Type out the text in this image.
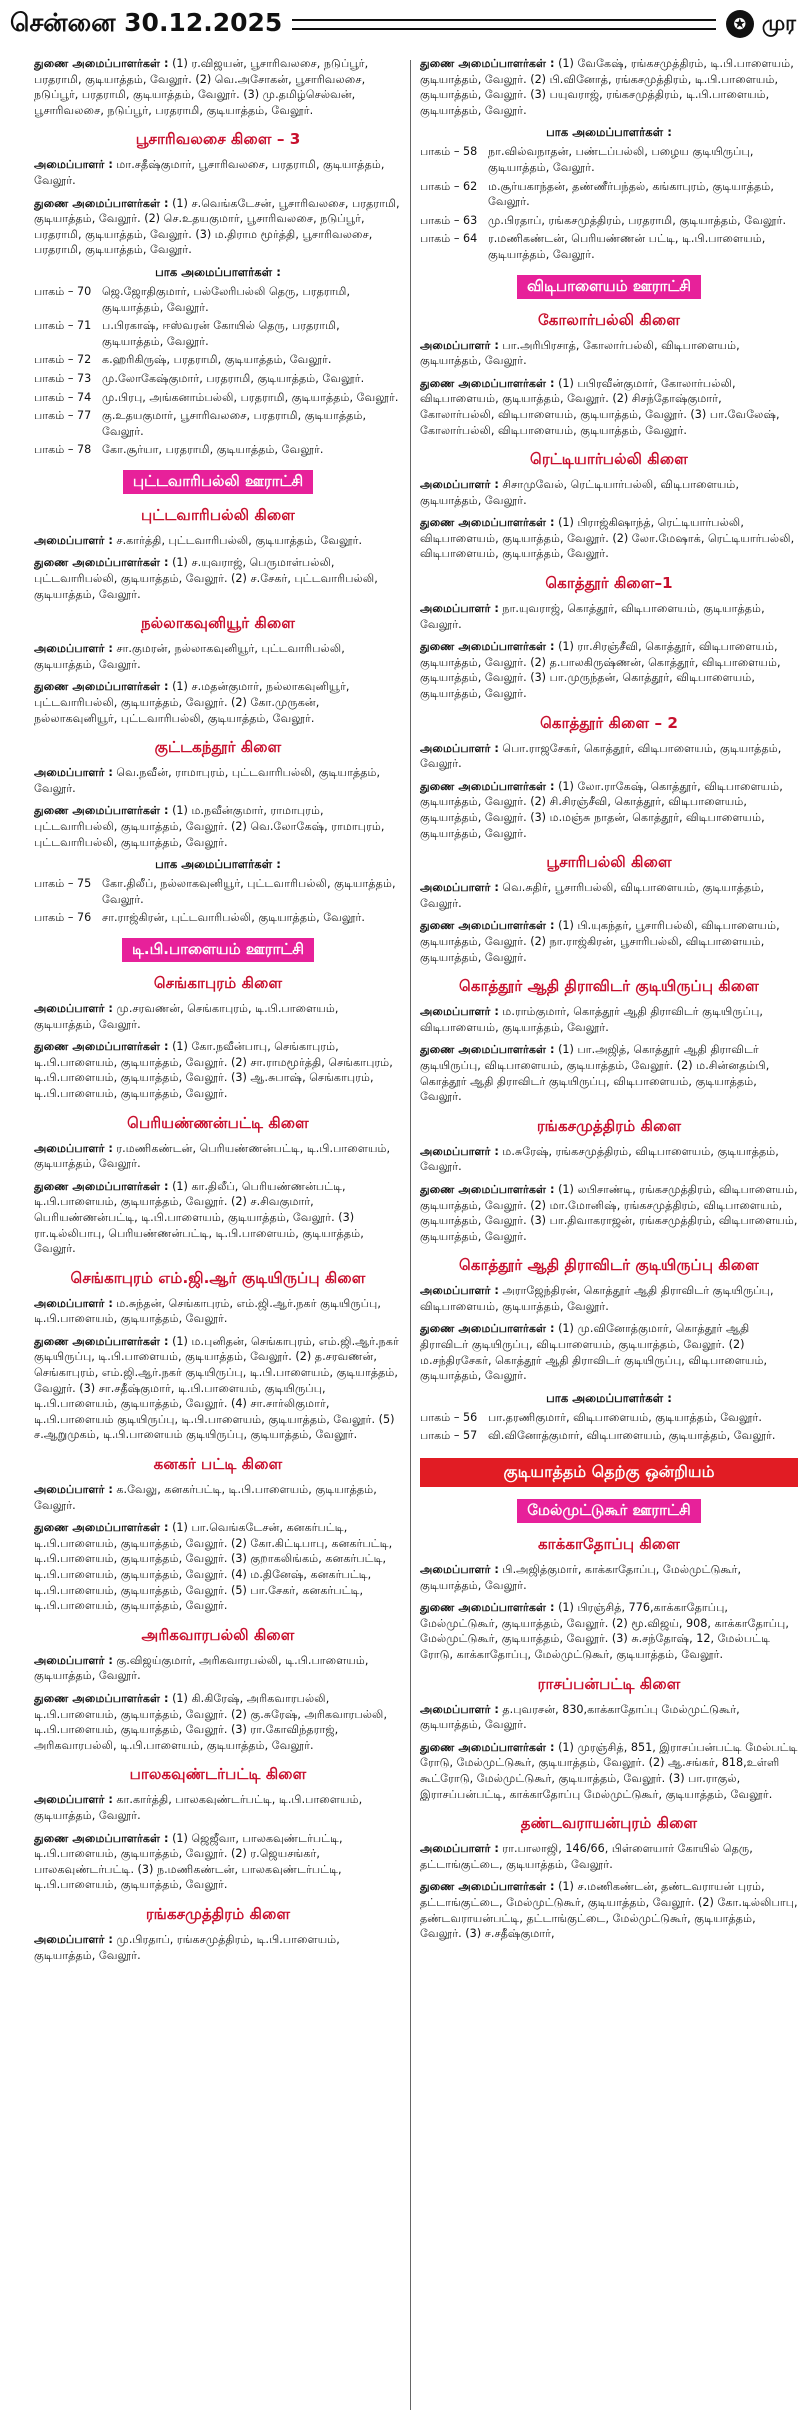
சென்னை 30.12.2025	✪ முர

துணை அமைப்பாளர்கள் : (1) ர.விஜயன், பூசாரிவலசை, நடுப்பூர், பரதராமி, குடியாத்தம், வேலூர். (2) வெ.அசோகன், பூசாரிவலசை, நடுப்பூர், பரதராமி, குடியாத்தம், வேலூர். (3) மு.தமிழ்செல்வன், பூசாரிவலசை, நடுப்பூர், பரதராமி, குடியாத்தம், வேலூர்.

பூசாரிவலசை கிளை – 3

அமைப்பாளர் : மா.சதீஷ்குமார், பூசாரிவலசை, பரதராமி, குடியாத்தம், வேலூர்.

துணை அமைப்பாளர்கள் : (1) ச.வெங்கடேசன், பூசாரிவலசை, பரதராமி, குடியாத்தம், வேலூர். (2) செ.உதயகுமார், பூசாரிவலசை, நடுப்பூர், பரதராமி, குடியாத்தம், வேலூர். (3) ம.திராம மூர்த்தி, பூசாரிவலசை, பரதராமி, குடியாத்தம், வேலூர்.

பாக அமைப்பாளர்கள் :
பாகம் – 70 ஜெ.ஜோதிகுமார், பல்லேரிபல்லி தெரு, பரதராமி, குடியாத்தம், வேலூர்.
பாகம் – 71 ப.பிரகாஷ், ஈஸ்வரன் கோயில் தெரு, பரதராமி, குடியாத்தம், வேலூர்.
பாகம் – 72 க.ஹரிகிருஷ், பரதராமி, குடியாத்தம், வேலூர்.
பாகம் – 73 மு.லோகேஷ்குமார், பரதராமி, குடியாத்தம், வேலூர்.
பாகம் – 74 மு.பிரபு, அங்கனாம்பல்லி, பரதராமி, குடியாத்தம், வேலூர்.
பாகம் – 77 கு.உதயகுமார், பூசாரிவலசை, பரதராமி, குடியாத்தம், வேலூர்.
பாகம் – 78 கோ.சூர்யா, பரதராமி, குடியாத்தம், வேலூர்.
புட்டவாரிபல்லி ஊராட்சி
புட்டவாரிபல்லி கிளை

அமைப்பாளர் : ச.கார்த்தி, புட்டவாரிபல்லி, குடியாத்தம், வேலூர்.

துணை அமைப்பாளர்கள் : (1) ச.யுவராஜ், பெருமாள்பல்லி, புட்டவாரிபல்லி, குடியாத்தம், வேலூர். (2) ச.சேகர், புட்டவாரிபல்லி, குடியாத்தம், வேலூர்.

நல்லாகவுனியூர் கிளை

அமைப்பாளர் : சா.குமரன், நல்லாகவுனியூர், புட்டவாரிபல்லி, குடியாத்தம், வேலூர்.

துணை அமைப்பாளர்கள் : (1) ச.மதன்குமார், நல்லாகவுனியூர், புட்டவாரிபல்லி, குடியாத்தம், வேலூர். (2) கோ.முருகன், நல்லாகவுனியூர், புட்டவாரிபல்லி, குடியாத்தம், வேலூர்.

குட்டகந்தூர் கிளை

அமைப்பாளர் : வெ.நவீன், ராமாபுரம், புட்டவாரிபல்லி, குடியாத்தம், வேலூர்.

துணை அமைப்பாளர்கள் : (1) ம.நவீன்குமார், ராமாபுரம், புட்டவாரிபல்லி, குடியாத்தம், வேலூர். (2) வெ.லோகேஷ், ராமாபுரம், புட்டவாரிபல்லி, குடியாத்தம், வேலூர்.

பாக அமைப்பாளர்கள் :
பாகம் – 75 கோ.திலீப், நல்லாகவுனியூர், புட்டவாரிபல்லி, குடியாத்தம், வேலூர்.
பாகம் – 76 சா.ராஜ்கிரன், புட்டவாரிபல்லி, குடியாத்தம், வேலூர்.
டி.பி.பாளையம் ஊராட்சி
செங்காபுரம் கிளை

அமைப்பாளர் : மு.சரவணன், செங்காபுரம், டி.பி.பாளையம், குடியாத்தம், வேலூர்.

துணை அமைப்பாளர்கள் : (1) கோ.நவீன்பாபு, செங்காபுரம், டி.பி.பாளையம், குடியாத்தம், வேலூர். (2) சா.ராமமூர்த்தி, செங்காபுரம், டி.பி.பாளையம், குடியாத்தம், வேலூர். (3) ஆ.சுபாஷ், செங்காபுரம், டி.பி.பாளையம், குடியாத்தம், வேலூர்.

பெரியண்ணன்பட்டி கிளை

அமைப்பாளர் : ர.மணிகண்டன், பெரியண்ணன்பட்டி, டி.பி.பாளையம், குடியாத்தம், வேலூர்.

துணை அமைப்பாளர்கள் : (1) கா.திலீப், பெரியண்ணன்பட்டி, டி.பி.பாளையம், குடியாத்தம், வேலூர். (2) ச.சிவகுமார், பெரியண்ணன்பட்டி, டி.பி.பாளையம், குடியாத்தம், வேலூர். (3) ரா.டில்லிபாபு, பெரியண்ணன்பட்டி, டி.பி.பாளையம், குடியாத்தம், வேலூர்.

செங்காபுரம் எம்.ஜி.ஆர் குடியிருப்பு கிளை

அமைப்பாளர் : ம.சுந்தன், செங்காபுரம், எம்.ஜி.ஆர்.நகர் குடியிருப்பு, டி.பி.பாளையம், குடியாத்தம், வேலூர்.

துணை அமைப்பாளர்கள் : (1) ம.புனிதன், செங்காபுரம், எம்.ஜி.ஆர்.நகர் குடியிருப்பு, டி.பி.பாளையம், குடியாத்தம், வேலூர். (2) த.சரவணன், செங்காபுரம், எம்.ஜி.ஆர்.நகர் குடியிருப்பு, டி.பி.பாளையம், குடியாத்தம், வேலூர். (3) சா.சதீஷ்குமார், டி.பி.பாளையம், குடியிருப்பு, டி.பி.பாளையம், குடியாத்தம், வேலூர். (4) சா.சார்லிகுமார், டி.பி.பாளையம் குடியிருப்பு, டி.பி.பாளையம், குடியாத்தம், வேலூர். (5) ச.ஆறுமுகம், டி.பி.பாளையம் குடியிருப்பு, குடியாத்தம், வேலூர்.

கனகர் பட்டி கிளை

அமைப்பாளர் : க.வேலு, கனகர்பட்டி, டி.பி.பாளையம், குடியாத்தம், வேலூர்.

துணை அமைப்பாளர்கள் : (1) பா.வெங்கடேசன், கனகர்பட்டி, டி.பி.பாளையம், குடியாத்தம், வேலூர். (2) கோ.கிட்டிபாபு, கனகர்பட்டி, டி.பி.பாளையம், குடியாத்தம், வேலூர். (3) குறாகலிங்கம், கனகர்பட்டி, டி.பி.பாளையம், குடியாத்தம், வேலூர். (4) ம.தினேஷ், கனகர்பட்டி, டி.பி.பாளையம், குடியாத்தம், வேலூர். (5) பா.சேகர், கனகர்பட்டி, டி.பி.பாளையம், குடியாத்தம், வேலூர்.

அரிகவாரபல்லி கிளை

அமைப்பாளர் : கு.விஜய்குமார், அரிகவாரபல்லி, டி.பி.பாளையம், குடியாத்தம், வேலூர்.

துணை அமைப்பாளர்கள் : (1) கி.கிரேஷ், அரிகவாரபல்லி, டி.பி.பாளையம், குடியாத்தம், வேலூர். (2) கு.சுரேஷ், அரிகவாரபல்லி, டி.பி.பாளையம், குடியாத்தம், வேலூர். (3) ரா.கோவிந்தராஜ், அரிகவாரபல்லி, டி.பி.பாளையம், குடியாத்தம், வேலூர்.

பாலகவுண்டர்பட்டி கிளை

அமைப்பாளர் : கா.கார்த்தி, பாலகவுண்டர்பட்டி, டி.பி.பாளையம், குடியாத்தம், வேலூர்.

துணை அமைப்பாளர்கள் : (1) ஜெஜீவா, பாலகவுண்டர்பட்டி, டி.பி.பாளையம், குடியாத்தம், வேலூர். (2) ர.ஜெயசங்கர், பாலகவுண்டர்பட்டி. (3) ந.மணிகண்டன், பாலகவுண்டர்பட்டி, டி.பி.பாளையம், குடியாத்தம், வேலூர்.

ரங்கசமுத்திரம் கிளை

அமைப்பாளர் : மு.பிரதாப், ரங்கசமுத்திரம், டி.பி.பாளையம், குடியாத்தம், வேலூர்.

துணை அமைப்பாளர்கள் : (1) வேகேஷ், ரங்கசமுத்திரம், டி.பி.பாளையம், குடியாத்தம், வேலூர். (2) பி.வினோத், ரங்கசமுத்திரம், டி.பி.பாளையம், குடியாத்தம், வேலூர். (3) பயுவராஜ், ரங்கசமுத்திரம், டி.பி.பாளையம், குடியாத்தம், வேலூர்.

பாக அமைப்பாளர்கள் :
பாகம் – 58 நா.வில்வநாதன், பண்டப்பல்லி, பழைய குடியிருப்பு, குடியாத்தம், வேலூர்.
பாகம் – 62 ம.சூர்யகாந்தன், தண்ணீர்பந்தல், கங்காபுரம், குடியாத்தம், வேலூர்.
பாகம் – 63 மு.பிரதாப், ரங்கசமுத்திரம், பரதராமி, குடியாத்தம், வேலூர்.
பாகம் – 64 ர.மணிகண்டன், பெரியண்ணன் பட்டி, டி.பி.பாளையம், குடியாத்தம், வேலூர்.
விடிபாளையம் ஊராட்சி
கோலார்பல்லி கிளை

அமைப்பாளர் : பா.அரிபிரசாத், கோலார்பல்லி, விடிபாளையம், குடியாத்தம், வேலூர்.

துணை அமைப்பாளர்கள் : (1) பபிரவீன்குமார், கோலார்பல்லி, விடிபாளையம், குடியாத்தம், வேலூர். (2) சிசந்தோஷ்குமார், கோலார்பல்லி, விடிபாளையம், குடியாத்தம், வேலூர். (3) பா.வேலேஷ், கோலார்பல்லி, விடிபாளையம், குடியாத்தம், வேலூர்.

ரெட்டியார்பல்லி கிளை

அமைப்பாளர் : சிசாமுவேல், ரெட்டியார்பல்லி, விடிபாளையம், குடியாத்தம், வேலூர்.

துணை அமைப்பாளர்கள் : (1) பிராஜ்கிஷாந்த், ரெட்டியார்பல்லி, விடிபாளையம், குடியாத்தம், வேலூர். (2) லோ.மேஷாக், ரெட்டியார்பல்லி, விடிபாளையம், குடியாத்தம், வேலூர்.

கொத்தூர் கிளை–1

அமைப்பாளர் : நா.யுவராஜ், கொத்தூர், விடிபாளையம், குடியாத்தம், வேலூர்.

துணை அமைப்பாளர்கள் : (1) ரா.சிரஞ்சீவி, கொத்தூர், விடிபாளையம், குடியாத்தம், வேலூர். (2) த.பாலகிருஷ்ணன், கொத்தூர், விடிபாளையம், குடியாத்தம், வேலூர். (3) பா.முருந்தன், கொத்தூர், விடிபாளையம், குடியாத்தம், வேலூர்.

கொத்தூர் கிளை – 2

அமைப்பாளர் : பொ.ராஜசேகர், கொத்தூர், விடிபாளையம், குடியாத்தம், வேலூர்.

துணை அமைப்பாளர்கள் : (1) லோ.ராகேஷ், கொத்தூர், விடிபாளையம், குடியாத்தம், வேலூர். (2) சி.சிரஞ்சீவி, கொத்தூர், விடிபாளையம், குடியாத்தம், வேலூர். (3) ம.மஞ்சு நாதன், கொத்தூர், விடிபாளையம், குடியாத்தம், வேலூர்.

பூசாரிபல்லி கிளை

அமைப்பாளர் : வெ.சுதிர், பூசாரிபல்லி, விடிபாளையம், குடியாத்தம், வேலூர்.

துணை அமைப்பாளர்கள் : (1) பி.யுகந்தர், பூசாரிபல்லி, விடிபாளையம், குடியாத்தம், வேலூர். (2) நா.ராஜ்கிரன், பூசாரிபல்லி, விடிபாளையம், குடியாத்தம், வேலூர்.

கொத்தூர் ஆதி திராவிடர் குடியிருப்பு கிளை

அமைப்பாளர் : ம.ராம்குமார், கொத்தூர் ஆதி திராவிடர் குடியிருப்பு, விடிபாளையம், குடியாத்தம், வேலூர்.

துணை அமைப்பாளர்கள் : (1) பா.அஜித், கொத்தூர் ஆதி திராவிடர் குடியிருப்பு, விடிபாளையம், குடியாத்தம், வேலூர். (2) ம.சின்னதம்பி, கொத்தூர் ஆதி திராவிடர் குடியிருப்பு, விடிபாளையம், குடியாத்தம், வேலூர்.

ரங்கசமுத்திரம் கிளை

அமைப்பாளர் : ம.சுரேஷ், ரங்கசமுத்திரம், விடிபாளையம், குடியாத்தம், வேலூர்.

துணை அமைப்பாளர்கள் : (1) லபிசாண்டி, ரங்கசமுத்திரம், விடிபாளையம், குடியாத்தம், வேலூர். (2) மா.மோனிஷ், ரங்கசமுத்திரம், விடிபாளையம், குடியாத்தம், வேலூர். (3) பா.திவாகராஜன், ரங்கசமுத்திரம், விடிபாளையம், குடியாத்தம், வேலூர்.

கொத்தூர் ஆதி திராவிடர் குடியிருப்பு கிளை

அமைப்பாளர் : அராஜேந்திரன், கொத்தூர் ஆதி திராவிடர் குடியிருப்பு, விடிபாளையம், குடியாத்தம், வேலூர்.

துணை அமைப்பாளர்கள் : (1) மு.வினோத்குமார், கொத்தூர் ஆதி திராவிடர் குடியிருப்பு, விடிபாளையம், குடியாத்தம், வேலூர். (2) ம.சந்திரசேகர், கொத்தூர் ஆதி திராவிடர் குடியிருப்பு, விடிபாளையம், குடியாத்தம், வேலூர்.

பாக அமைப்பாளர்கள் :
பாகம் – 56 பா.தரணிகுமார், விடிபாளையம், குடியாத்தம், வேலூர்.
பாகம் – 57 வி.வினோத்குமார், விடிபாளையம், குடியாத்தம், வேலூர்.
குடியாத்தம் தெற்கு ஒன்றியம்
மேல்முட்டுகூர் ஊராட்சி
காக்காதோப்பு கிளை

அமைப்பாளர் : பி.அஜித்குமார், காக்காதோப்பு, மேல்முட்டுகூர், குடியாத்தம், வேலூர்.

துணை அமைப்பாளர்கள் : (1) பிரஞ்சித், 776,காக்காதோப்பு, மேல்முட்டுகூர், குடியாத்தம், வேலூர். (2) மூ.விஜய், 908, காக்காதோப்பு, மேல்முட்டுகூர், குடியாத்தம், வேலூர். (3) சு.சந்தோஷ், 12, மேல்பட்டி ரோடு, காக்காதோப்பு, மேல்முட்டுகூர், குடியாத்தம், வேலூர்.

ராசப்பன்பட்டி கிளை

அமைப்பாளர் : த.புவரசன், 830,காக்காதோப்பு மேல்முட்டுகூர், குடியாத்தம், வேலூர்.

துணை அமைப்பாளர்கள் : (1) முரஞ்சித், 851, இராசப்பன்பட்டி மேல்பட்டி ரோடு, மேல்முட்டுகூர், குடியாத்தம், வேலூர். (2) ஆ.சங்கர், 818,உள்ளி கூட்ரோடு, மேல்முட்டுகூர், குடியாத்தம், வேலூர். (3) பா.ராகுல், இராசப்பன்பட்டி, காக்காதோப்பு மேல்முட்டுகூர், குடியாத்தம், வேலூர்.

தண்டவராயன்புரம் கிளை

அமைப்பாளர் : ரா.பாலாஜி, 146/66, பிள்ளையார் கோயில் தெரு, தட்டாங்குட்டை, குடியாத்தம், வேலூர்.

துணை அமைப்பாளர்கள் : (1) ச.மணிகண்டன், தண்டவராயன் புரம், தட்டாங்குட்டை, மேல்முட்டுகூர், குடியாத்தம், வேலூர். (2) கோ.டில்லிபாபு, தண்டவராயன்பட்டி, தட்டாங்குட்டை, மேல்முட்டுகூர், குடியாத்தம், வேலூர். (3) ச.சதீஷ்குமார்,
